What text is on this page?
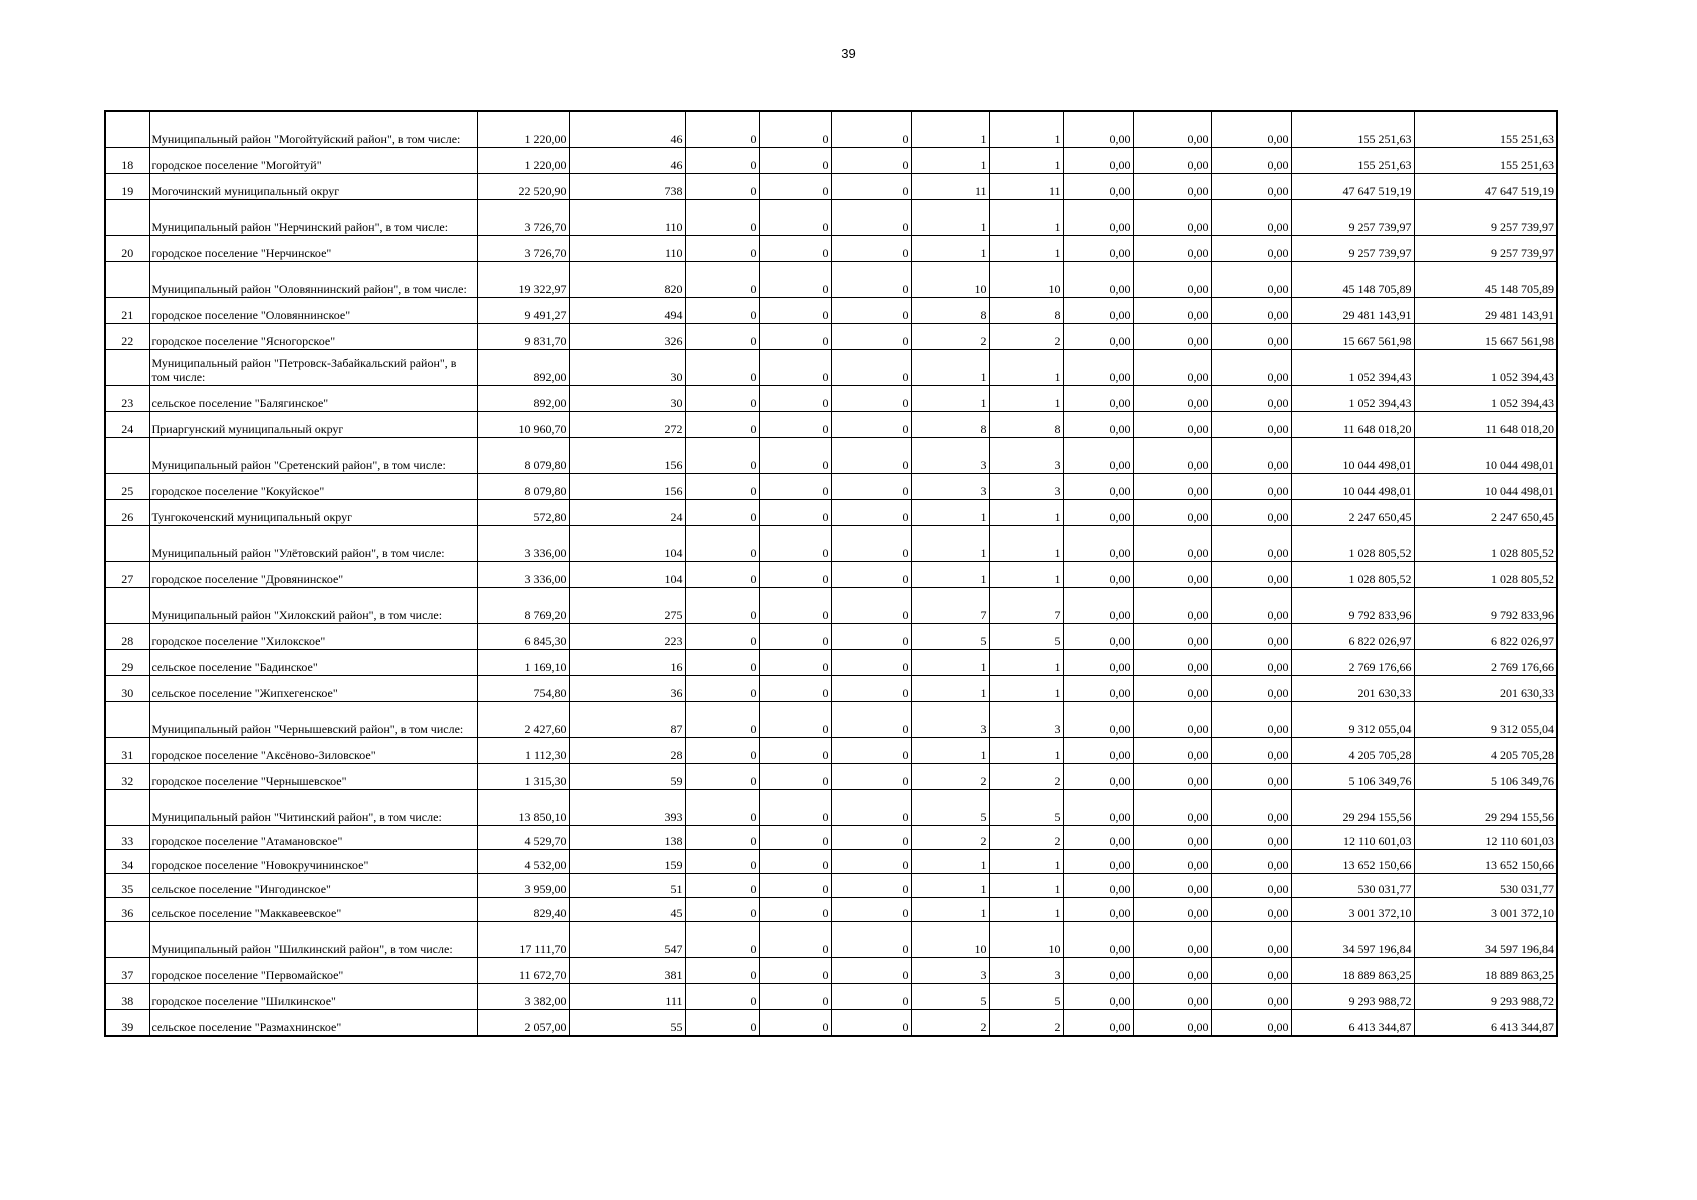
39
	Муниципальный район "Могойтуйский район", в том числе:	1 220,00	46	0	0	0	1	1	0,00	0,00	0,00	155 251,63	155 251,63
18	городское поселение "Могойтуй"	1 220,00	46	0	0	0	1	1	0,00	0,00	0,00	155 251,63	155 251,63
19	Могочинский муниципальный округ	22 520,90	738	0	0	0	11	11	0,00	0,00	0,00	47 647 519,19	47 647 519,19
	Муниципальный район "Нерчинский район", в том числе:	3 726,70	110	0	0	0	1	1	0,00	0,00	0,00	9 257 739,97	9 257 739,97
20	городское поселение "Нерчинское"	3 726,70	110	0	0	0	1	1	0,00	0,00	0,00	9 257 739,97	9 257 739,97
	Муниципальный район "Оловяннинский район", в том числе:	19 322,97	820	0	0	0	10	10	0,00	0,00	0,00	45 148 705,89	45 148 705,89
21	городское поселение "Оловяннинское"	9 491,27	494	0	0	0	8	8	0,00	0,00	0,00	29 481 143,91	29 481 143,91
22	городское поселение "Ясногорское"	9 831,70	326	0	0	0	2	2	0,00	0,00	0,00	15 667 561,98	15 667 561,98
	Муниципальный район "Петровск-Забайкальский район", в том числе:	892,00	30	0	0	0	1	1	0,00	0,00	0,00	1 052 394,43	1 052 394,43
23	сельское поселение "Балягинское"	892,00	30	0	0	0	1	1	0,00	0,00	0,00	1 052 394,43	1 052 394,43
24	Приаргунский муниципальный округ	10 960,70	272	0	0	0	8	8	0,00	0,00	0,00	11 648 018,20	11 648 018,20
	Муниципальный район "Сретенский район", в том числе:	8 079,80	156	0	0	0	3	3	0,00	0,00	0,00	10 044 498,01	10 044 498,01
25	городское поселение "Кокуйское"	8 079,80	156	0	0	0	3	3	0,00	0,00	0,00	10 044 498,01	10 044 498,01
26	Тунгокоченский муниципальный округ	572,80	24	0	0	0	1	1	0,00	0,00	0,00	2 247 650,45	2 247 650,45
	Муниципальный район "Улётовский район", в том числе:	3 336,00	104	0	0	0	1	1	0,00	0,00	0,00	1 028 805,52	1 028 805,52
27	городское поселение "Дровянинское"	3 336,00	104	0	0	0	1	1	0,00	0,00	0,00	1 028 805,52	1 028 805,52
	Муниципальный район "Хилокский район", в том числе:	8 769,20	275	0	0	0	7	7	0,00	0,00	0,00	9 792 833,96	9 792 833,96
28	городское поселение "Хилокское"	6 845,30	223	0	0	0	5	5	0,00	0,00	0,00	6 822 026,97	6 822 026,97
29	сельское поселение "Бадинское"	1 169,10	16	0	0	0	1	1	0,00	0,00	0,00	2 769 176,66	2 769 176,66
30	сельское поселение "Жипхегенское"	754,80	36	0	0	0	1	1	0,00	0,00	0,00	201 630,33	201 630,33
	Муниципальный район "Чернышевский район", в том числе:	2 427,60	87	0	0	0	3	3	0,00	0,00	0,00	9 312 055,04	9 312 055,04
31	городское поселение "Аксёново-Зиловское"	1 112,30	28	0	0	0	1	1	0,00	0,00	0,00	4 205 705,28	4 205 705,28
32	городское поселение "Чернышевское"	1 315,30	59	0	0	0	2	2	0,00	0,00	0,00	5 106 349,76	5 106 349,76
	Муниципальный район "Читинский район", в том числе:	13 850,10	393	0	0	0	5	5	0,00	0,00	0,00	29 294 155,56	29 294 155,56
33	городское поселение "Атамановское"	4 529,70	138	0	0	0	2	2	0,00	0,00	0,00	12 110 601,03	12 110 601,03
34	городское поселение "Новокручининское"	4 532,00	159	0	0	0	1	1	0,00	0,00	0,00	13 652 150,66	13 652 150,66
35	сельское поселение "Ингодинское"	3 959,00	51	0	0	0	1	1	0,00	0,00	0,00	530 031,77	530 031,77
36	сельское поселение "Маккавеевское"	829,40	45	0	0	0	1	1	0,00	0,00	0,00	3 001 372,10	3 001 372,10
	Муниципальный район "Шилкинский район", в том числе:	17 111,70	547	0	0	0	10	10	0,00	0,00	0,00	34 597 196,84	34 597 196,84
37	городское поселение "Первомайское"	11 672,70	381	0	0	0	3	3	0,00	0,00	0,00	18 889 863,25	18 889 863,25
38	городское поселение "Шилкинское"	3 382,00	111	0	0	0	5	5	0,00	0,00	0,00	9 293 988,72	9 293 988,72
39	сельское поселение "Размахнинское"	2 057,00	55	0	0	0	2	2	0,00	0,00	0,00	6 413 344,87	6 413 344,87
